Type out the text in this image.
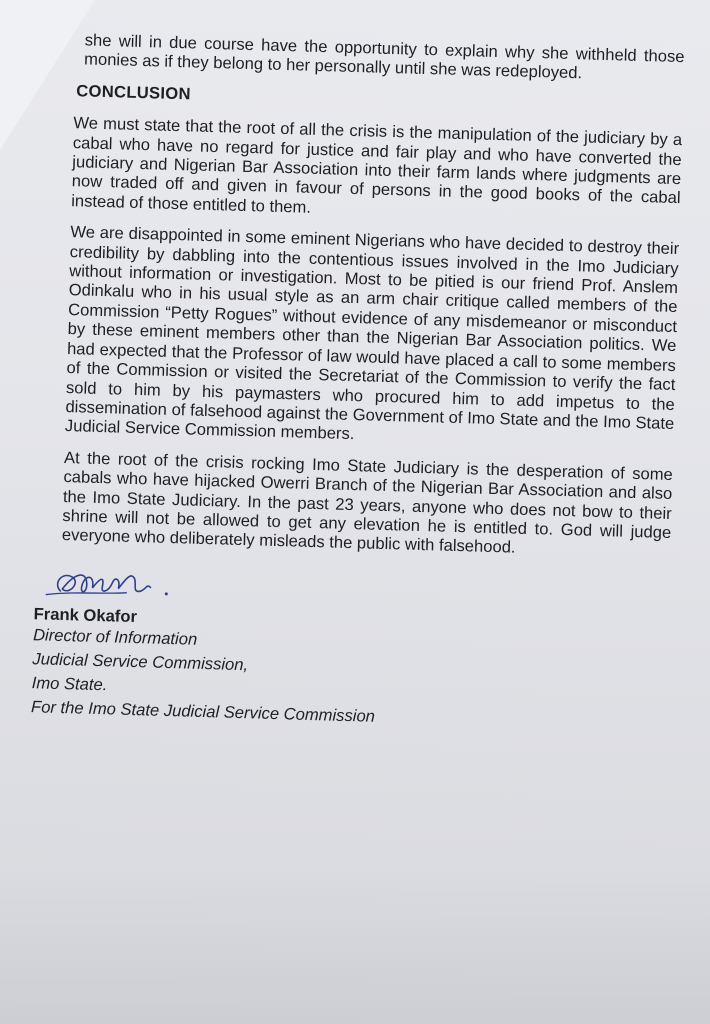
she will in due course have the opportunity to explain why she withheld those monies as if they belong to her personally until she was redeployed.

CONCLUSION

We must state that the root of all the crisis is the manipulation of the judiciary by a cabal who have no regard for justice and fair play and who have converted the judiciary and Nigerian Bar Association into their farm lands where judgments are now traded off and given in favour of persons in the good books of the cabal instead of those entitled to them.

We are disappointed in some eminent Nigerians who have decided to destroy their credibility by dabbling into the contentious issues involved in the Imo Judiciary without information or investigation. Most to be pitied is our friend Prof. Anslem Odinkalu who in his usual style as an arm chair critique called members of the Commission “Petty Rogues” without evidence of any misdemeanor or misconduct by these eminent members other than the Nigerian Bar Association politics. We had expected that the Professor of law would have placed a call to some members of the Commission or visited the Secretariat of the Commission to verify the fact sold to him by his paymasters who procured him to add impetus to the dissemination of falsehood against the Government of Imo State and the Imo State Judicial Service Commission members.

At the root of the crisis rocking Imo State Judiciary is the desperation of some cabals who have hijacked Owerri Branch of the Nigerian Bar Association and also the Imo State Judiciary. In the past 23 years, anyone who does not bow to their shrine will not be allowed to get any elevation he is entitled to. God will judge everyone who deliberately misleads the public with falsehood.

Frank Okafor
Director of Information
Judicial Service Commission,
Imo State.
For the Imo State Judicial Service Commission
